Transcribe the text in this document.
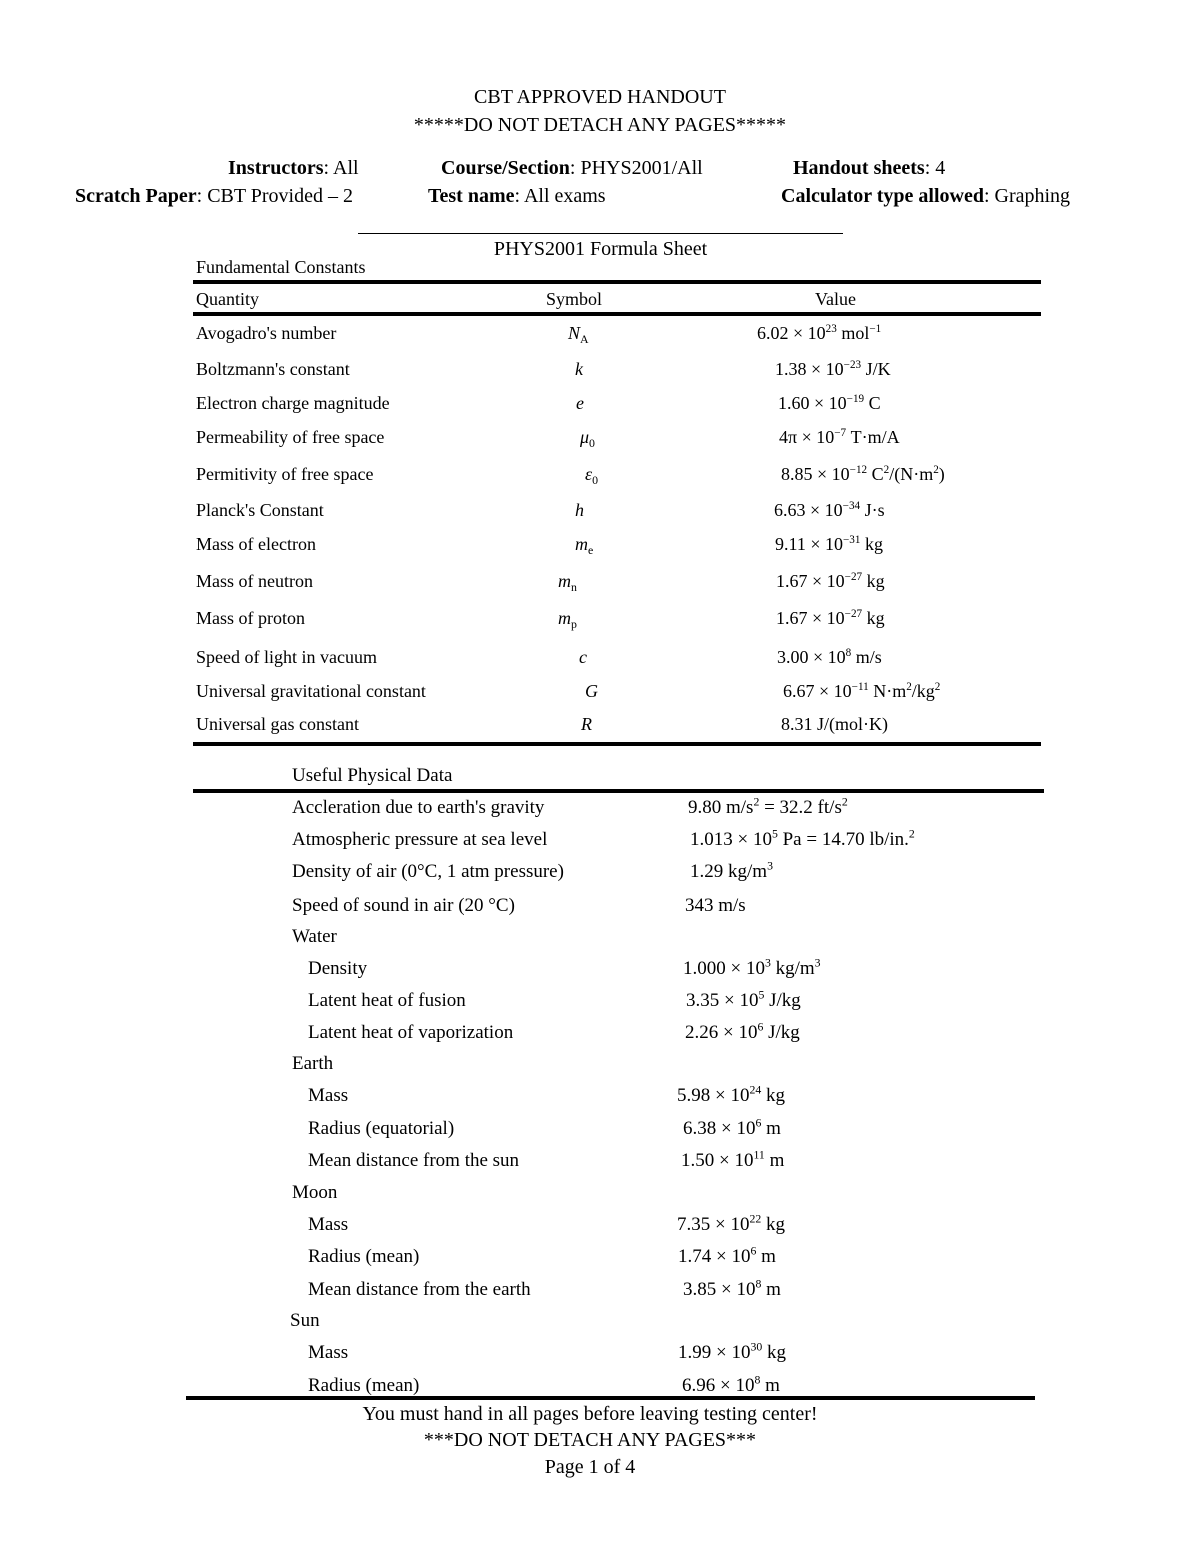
CBT APPROVED HANDOUT
*****DO NOT DETACH ANY PAGES*****
Instructors: All	Course/Section: PHYS2001/All	Handout sheets: 4
Scratch Paper: CBT Provided – 2	Test name: All exams	Calculator type allowed: Graphing
PHYS2001 Formula Sheet
Fundamental Constants
Quantity	Symbol	Value
Avogadro's number	$N_A$	$6.02 \times 10^{23}$ mol$^{-1}$
Boltzmann's constant	k	$1.38 \times 10^{-23}$ J/K
Electron charge magnitude	e	$1.60 \times 10^{-19}$ C
Permeability of free space	$\mu_0$	$4\pi \times 10^{-7}$ T·m/A
Permitivity of free space	$\varepsilon_0$	$8.85 \times 10^{-12}$ $C^2/(N\cdot m^2)$
Planck's Constant	h	$6.63 \times 10^{-34}$ J·s
Mass of electron	$m_e$	$9.11 \times 10^{-31}$ kg
Mass of neutron	$m_n$	$1.67 \times 10^{-27}$ kg
Mass of proton	$m_p$	$1.67 \times 10^{-27}$ kg
Speed of light in vacuum	c	$3.00 \times 10^8$ m/s
Universal gravitational constant	G	$6.67 \times 10^{-11}$ $N\cdot m^2/kg^2$
Universal gas constant	R	8.31 J/(mol·K)
Useful Physical Data
Accleration due to earth's gravity	9.80 $m/s^2 = 32.2$ $ft/s^2$
Atmospheric pressure at sea level	$1.013 \times 10^5$ Pa = 14.70 lb/in.$^2$
Density of air (0°C, 1 atm pressure)	1.29 $kg/m^3$
Speed of sound in air (20 °C)	343 m/s
Water
Density	$1.000 \times 10^3$ $kg/m^3$
Latent heat of fusion	$3.35 \times 10^5$ J/kg
Latent heat of vaporization	$2.26 \times 10^6$ J/kg
Earth
Mass	$5.98 \times 10^{24}$ kg
Radius (equatorial)	$6.38 \times 10^6$ m
Mean distance from the sun	$1.50 \times 10^{11}$ m
Moon
Mass	$7.35 \times 10^{22}$ kg
Radius (mean)	$1.74 \times 10^6$ m
Mean distance from the earth	$3.85 \times 10^8$ m
Sun
Mass	$1.99 \times 10^{30}$ kg
Radius (mean)	$6.96 \times 10^8$ m
You must hand in all pages before leaving testing center!
***DO NOT DETACH ANY PAGES***
Page 1 of 4
